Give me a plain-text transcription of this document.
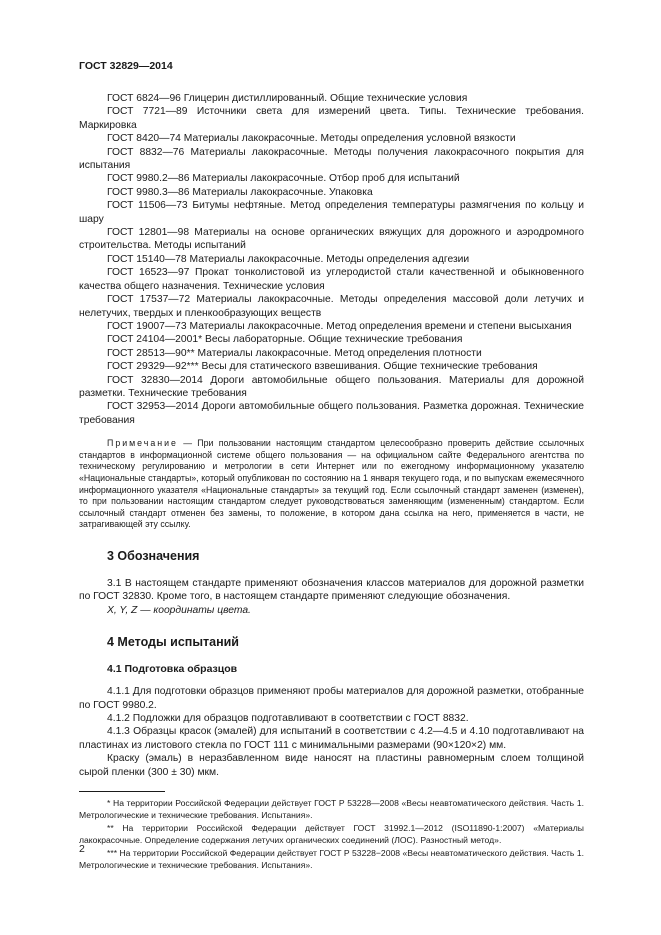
ГОСТ 32829—2014

ГОСТ 6824—96 Глицерин дистиллированный. Общие технические условия

ГОСТ 7721—89 Источники света для измерений цвета. Типы. Технические требования. Маркировка

ГОСТ 8420—74 Материалы лакокрасочные. Методы определения условной вязкости

ГОСТ 8832—76 Материалы лакокрасочные. Методы получения лакокрасочного покрытия для испытания

ГОСТ 9980.2—86 Материалы лакокрасочные. Отбор проб для испытаний

ГОСТ 9980.3—86 Материалы лакокрасочные. Упаковка

ГОСТ 11506—73 Битумы нефтяные. Метод определения температуры размягчения по кольцу и шару

ГОСТ 12801—98 Материалы на основе органических вяжущих для дорожного и аэродромного строительства. Методы испытаний

ГОСТ 15140—78 Материалы лакокрасочные. Методы определения адгезии

ГОСТ 16523—97 Прокат тонколистовой из углеродистой стали качественной и обыкновенного качества общего назначения. Технические условия

ГОСТ 17537—72 Материалы лакокрасочные. Методы определения массовой доли летучих и нелетучих, твердых и пленкообразующих веществ

ГОСТ 19007—73 Материалы лакокрасочные. Метод определения времени и степени высыхания

ГОСТ 24104—2001* Весы лабораторные. Общие технические требования

ГОСТ 28513—90** Материалы лакокрасочные. Метод определения плотности

ГОСТ 29329—92*** Весы для статического взвешивания. Общие технические требования

ГОСТ 32830—2014 Дороги автомобильные общего пользования. Материалы для дорожной разметки. Технические требования

ГОСТ 32953—2014 Дороги автомобильные общего пользования. Разметка дорожная. Технические требования

Примечание — При пользовании настоящим стандартом целесообразно проверить действие ссылочных стандартов в информационной системе общего пользования — на официальном сайте Федерального агентства по техническому регулированию и метрологии в сети Интернет или по ежегодному информационному указателю «Национальные стандарты», который опубликован по состоянию на 1 января текущего года, и по выпускам ежемесячного информационного указателя «Национальные стандарты» за текущий год. Если ссылочный стандарт заменен (изменен), то при пользовании настоящим стандартом следует руководствоваться заменяющим (измененным) стандартом. Если ссылочный стандарт отменен без замены, то положение, в котором дана ссылка на него, применяется в части, не затрагивающей эту ссылку.

3 Обозначения

3.1 В настоящем стандарте применяют обозначения классов материалов для дорожной разметки по ГОСТ 32830. Кроме того, в настоящем стандарте применяют следующие обозначения.

X, Y, Z — координаты цвета.

4 Методы испытаний
4.1 Подготовка образцов

4.1.1 Для подготовки образцов применяют пробы материалов для дорожной разметки, отобранные по ГОСТ 9980.2.

4.1.2 Подложки для образцов подготавливают в соответствии с ГОСТ 8832.

4.1.3 Образцы красок (эмалей) для испытаний в соответствии с 4.2—4.5 и 4.10 подготавливают на пластинах из листового стекла по ГОСТ 111 с минимальными размерами (90×120×2) мм.

Краску (эмаль) в неразбавленном виде наносят на пластины равномерным слоем толщиной сырой пленки (300 ± 30) мкм.

* На территории Российской Федерации действует ГОСТ Р 53228—2008 «Весы неавтоматического действия. Часть 1. Метрологические и технические требования. Испытания».

** На территории Российской Федерации действует ГОСТ 31992.1—2012 (ISO11890-1:2007) «Материалы лакокрасочные. Определение содержания летучих органических соединений (ЛОС). Разностный метод».

*** На территории Российской Федерации действует ГОСТ Р 53228−2008 «Весы неавтоматического действия. Часть 1. Метрологические и технические требования. Испытания».

2
